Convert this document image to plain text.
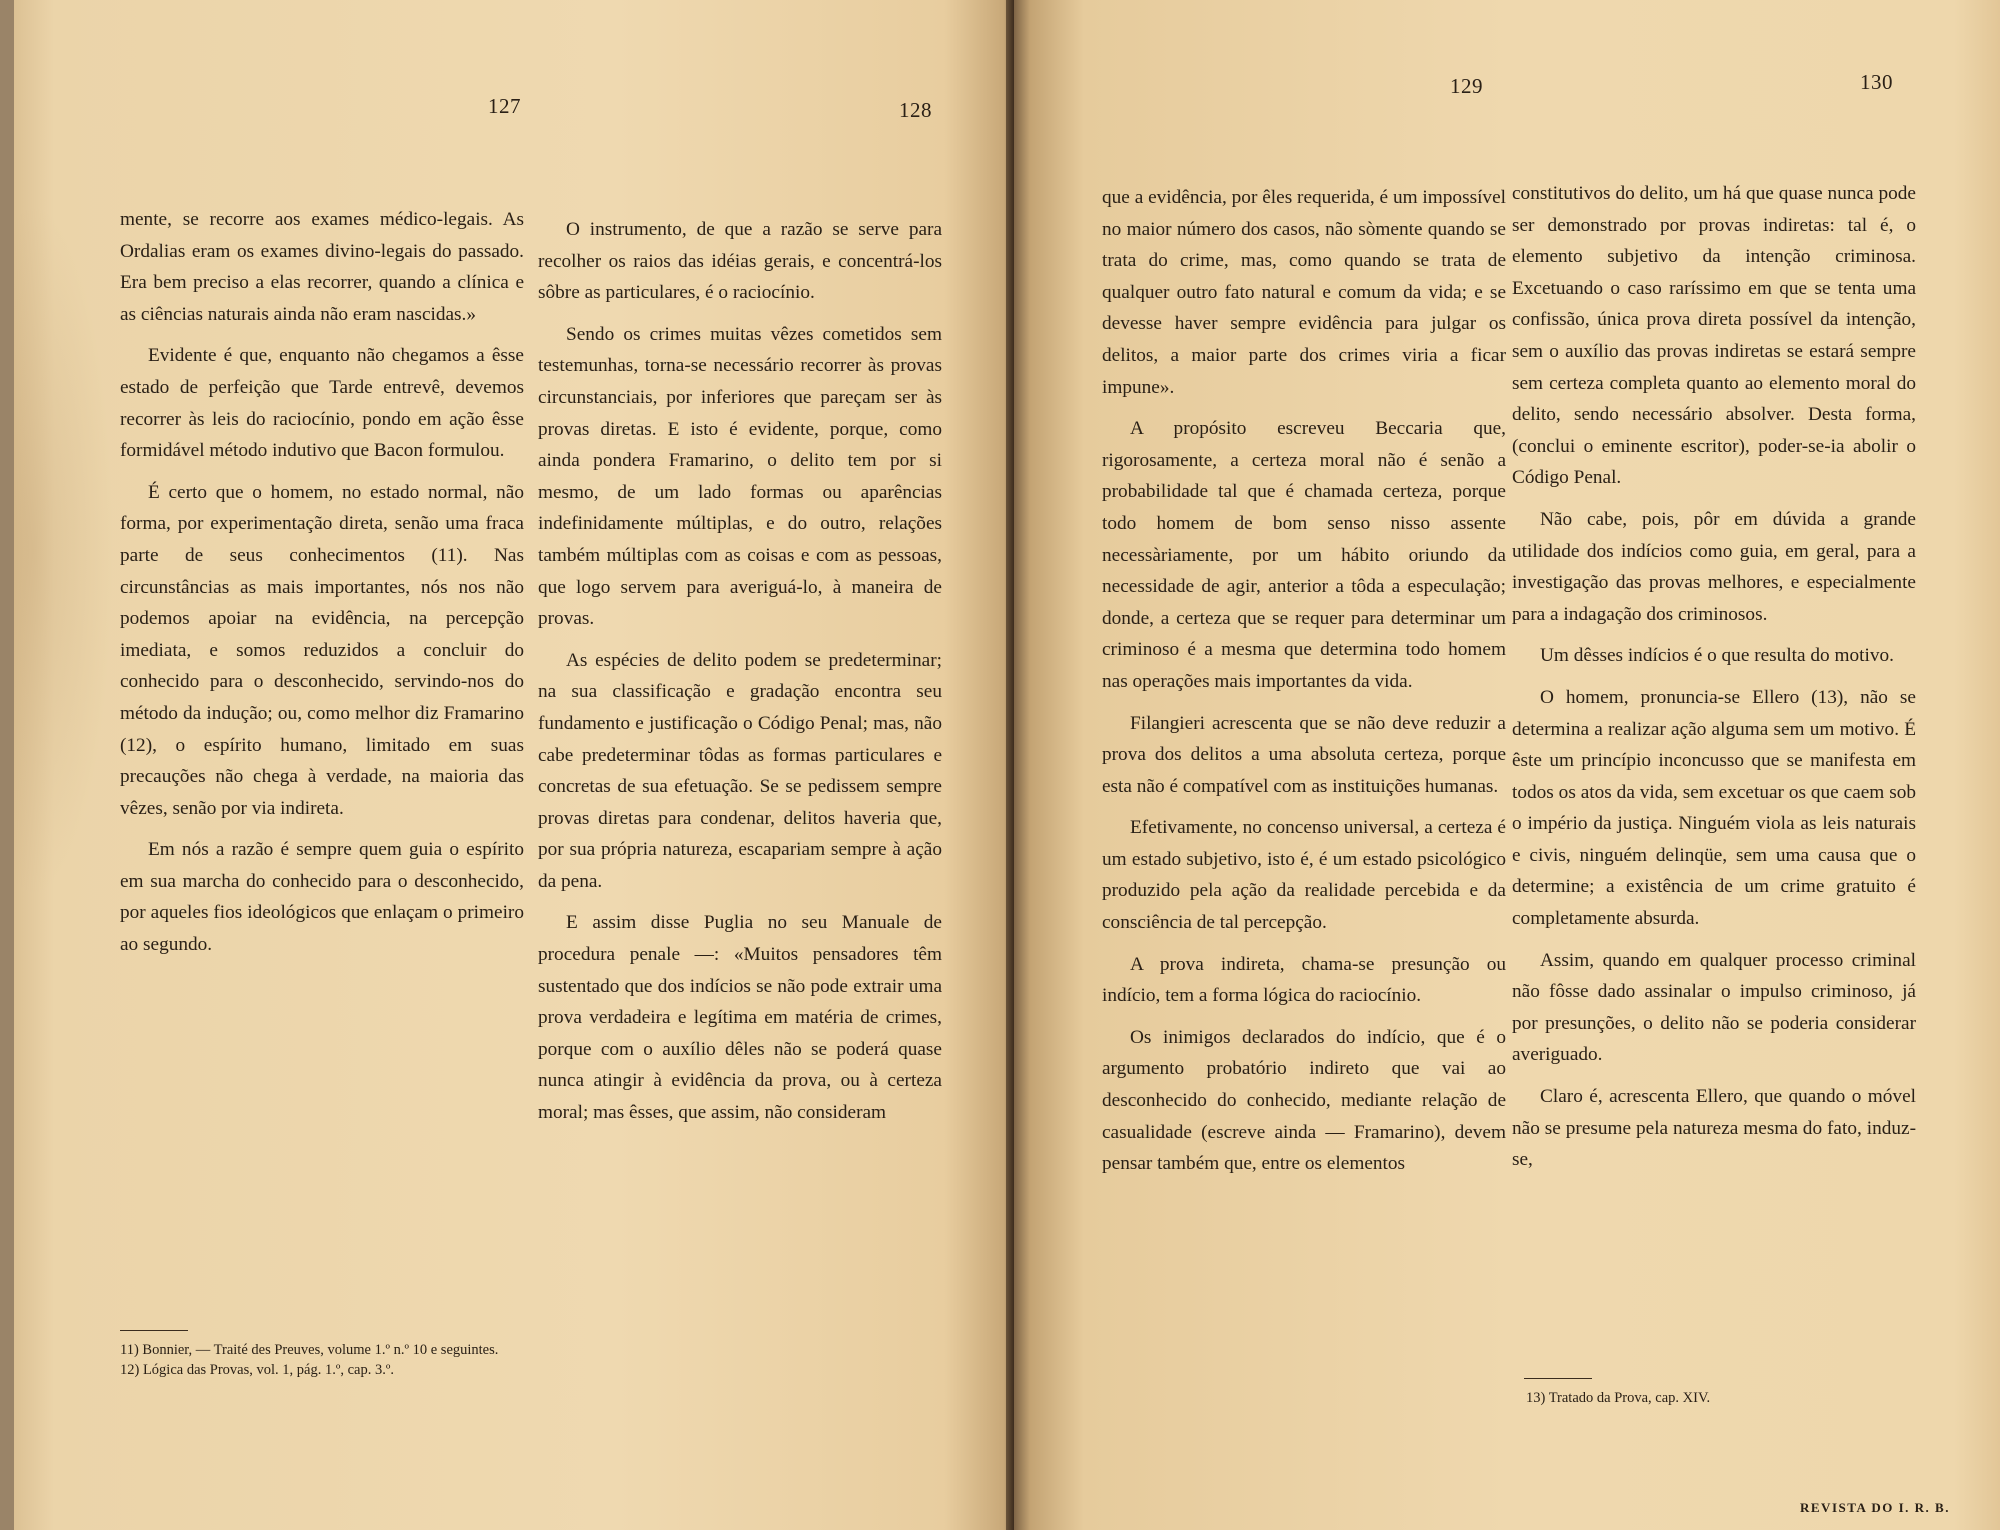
127	128

mente, se recorre aos exames médico-legais. As Ordalias eram os exames divino-legais do passado. Era bem preciso a elas recorrer, quando a clínica e as ciências naturais ainda não eram nascidas.»

Evidente é que, enquanto não chegamos a êsse estado de perfeição que Tarde entrevê, devemos recorrer às leis do raciocínio, pondo em ação êsse formidável método indutivo que Bacon formulou.

É certo que o homem, no estado normal, não forma, por experimentação direta, senão uma fraca parte de seus conhecimentos (11). Nas circunstâncias as mais importantes, nós nos não podemos apoiar na evidência, na percepção imediata, e somos reduzidos a concluir do conhecido para o desconhecido, servindo-nos do método da indução; ou, como melhor diz Framarino (12), o espírito humano, limitado em suas precauções não chega à verdade, na maioria das vêzes, senão por via indireta.

Em nós a razão é sempre quem guia o espírito em sua marcha do conhecido para o desconhecido, por aqueles fios ideológicos que enlaçam o primeiro ao segundo.

11) Bonnier, — Traité des Preuves, volume 1.º n.º 10 e seguintes.
12) Lógica das Provas, vol. 1, pág. 1.º, cap. 3.º.

O instrumento, de que a razão se serve para recolher os raios das idéias gerais, e concentrá-los sôbre as particulares, é o raciocínio.

Sendo os crimes muitas vêzes cometidos sem testemunhas, torna-se necessário recorrer às provas circunstanciais, por inferiores que pareçam ser às provas diretas. E isto é evidente, porque, como ainda pondera Framarino, o delito tem por si mesmo, de um lado formas ou aparências indefinidamente múltiplas, e do outro, relações também múltiplas com as coisas e com as pessoas, que logo servem para averiguá-lo, à maneira de provas.

As espécies de delito podem se predeterminar; na sua classificação e gradação encontra seu fundamento e justificação o Código Penal; mas, não cabe predeterminar tôdas as formas particulares e concretas de sua efetuação. Se se pedissem sempre provas diretas para condenar, delitos haveria que, por sua própria natureza, escapariam sempre à ação da pena.

E assim disse Puglia no seu Manuale de procedura penale —: «Muitos pensadores têm sustentado que dos indícios se não pode extrair uma prova verdadeira e legítima em matéria de crimes, porque com o auxílio dêles não se poderá quase nunca atingir à evidência da prova, ou à certeza moral; mas êsses, que assim, não consideram

129	130

que a evidência, por êles requerida, é um impossível no maior número dos casos, não sòmente quando se trata do crime, mas, como quando se trata de qualquer outro fato natural e comum da vida; e se devesse haver sempre evidência para julgar os delitos, a maior parte dos crimes viria a ficar impune».

A propósito escreveu Beccaria que, rigorosamente, a certeza moral não é senão a probabilidade tal que é chamada certeza, porque todo homem de bom senso nisso assente necessàriamente, por um hábito oriundo da necessidade de agir, anterior a tôda a especulação; donde, a certeza que se requer para determinar um criminoso é a mesma que determina todo homem nas operações mais importantes da vida.

Filangieri acrescenta que se não deve reduzir a prova dos delitos a uma absoluta certeza, porque esta não é compatível com as instituições humanas.

Efetivamente, no concenso universal, a certeza é um estado subjetivo, isto é, é um estado psicológico produzido pela ação da realidade percebida e da consciência de tal percepção.

A prova indireta, chama-se presunção ou indício, tem a forma lógica do raciocínio.

Os inimigos declarados do indício, que é o argumento probatório indireto que vai ao desconhecido do conhecido, mediante relação de casualidade (escreve ainda — Framarino), devem pensar também que, entre os elementos

constitutivos do delito, um há que quase nunca pode ser demonstrado por provas indiretas: tal é, o elemento subjetivo da intenção criminosa. Excetuando o caso raríssimo em que se tenta uma confissão, única prova direta possível da intenção, sem o auxílio das provas indiretas se estará sempre sem certeza completa quanto ao elemento moral do delito, sendo necessário absolver. Desta forma, (conclui o eminente escritor), poder-se-ia abolir o Código Penal.

Não cabe, pois, pôr em dúvida a grande utilidade dos indícios como guia, em geral, para a investigação das provas melhores, e especialmente para a indagação dos criminosos.

Um dêsses indícios é o que resulta do motivo.

O homem, pronuncia-se Ellero (13), não se determina a realizar ação alguma sem um motivo. É êste um princípio inconcusso que se manifesta em todos os atos da vida, sem excetuar os que caem sob o império da justiça. Ninguém viola as leis naturais e civis, ninguém delinqüe, sem uma causa que o determine; a existência de um crime gratuito é completamente absurda.

Assim, quando em qualquer processo criminal não fôsse dado assinalar o impulso criminoso, já por presunções, o delito não se poderia considerar averiguado.

Claro é, acrescenta Ellero, que quando o móvel não se presume pela natureza mesma do fato, induz-se,

13) Tratado da Prova, cap. XIV.
REVISTA DO I. R. B.
